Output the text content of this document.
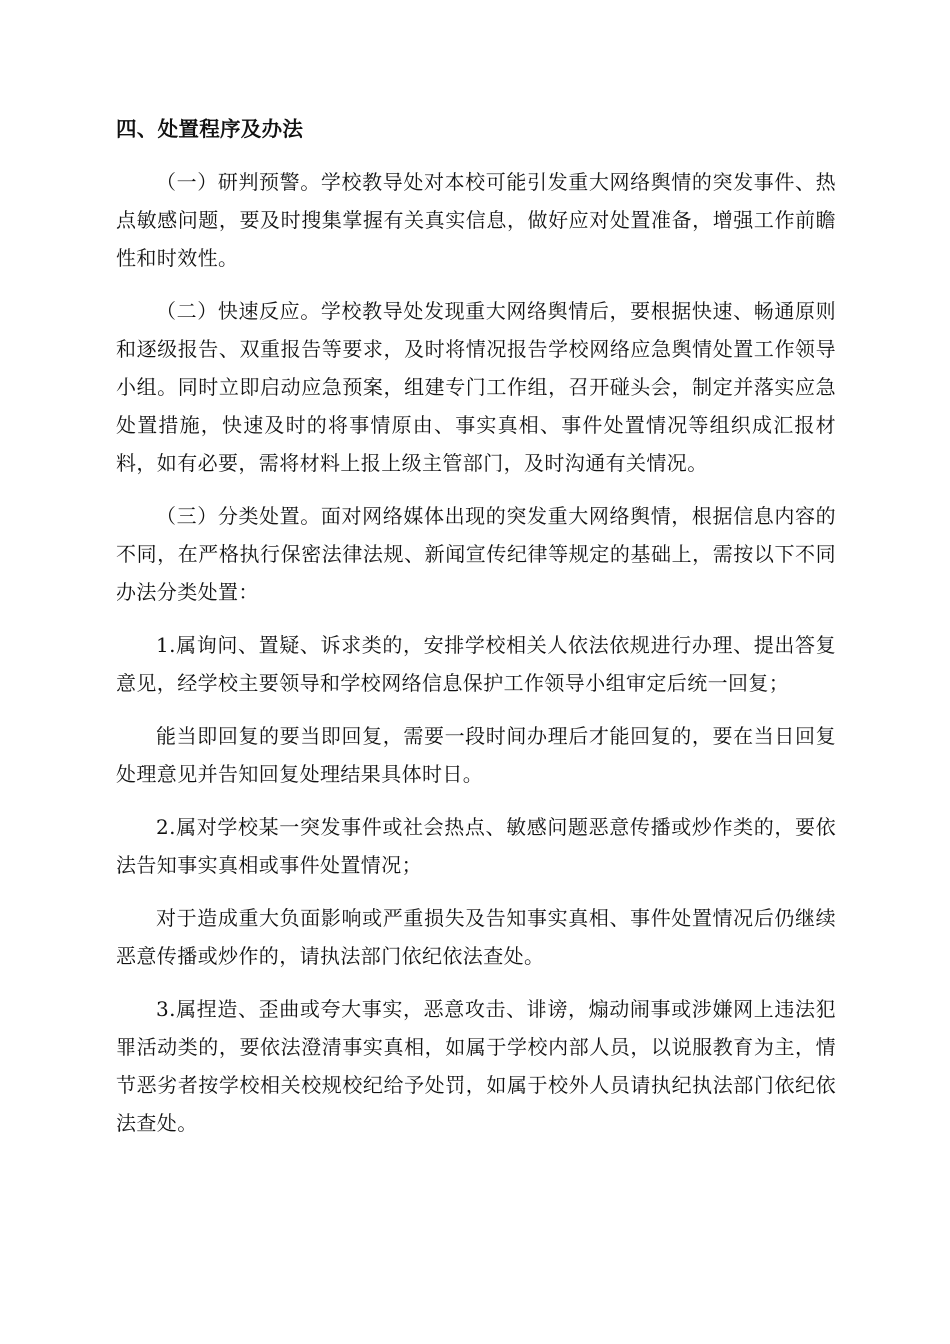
四、处置程序及办法

（一）研判预警。学校教导处对本校可能引发重大网络舆情的突发事件、热点敏感问题，要及时搜集掌握有关真实信息，做好应对处置准备，增强工作前瞻性和时效性。

（二）快速反应。学校教导处发现重大网络舆情后，要根据快速、畅通原则和逐级报告、双重报告等要求，及时将情况报告学校网络应急舆情处置工作领导小组。同时立即启动应急预案，组建专门工作组，召开碰头会，制定并落实应急处置措施，快速及时的将事情原由、事实真相、事件处置情况等组织成汇报材料，如有必要，需将材料上报上级主管部门，及时沟通有关情况。

（三）分类处置。面对网络媒体出现的突发重大网络舆情，根据信息内容的不同，在严格执行保密法律法规、新闻宣传纪律等规定的基础上，需按以下不同办法分类处置：

1.属询问、置疑、诉求类的，安排学校相关人依法依规进行办理、提出答复意见，经学校主要领导和学校网络信息保护工作领导小组审定后统一回复；

能当即回复的要当即回复，需要一段时间办理后才能回复的，要在当日回复处理意见并告知回复处理结果具体时日。

2.属对学校某一突发事件或社会热点、敏感问题恶意传播或炒作类的，要依法告知事实真相或事件处置情况；

对于造成重大负面影响或严重损失及告知事实真相、事件处置情况后仍继续恶意传播或炒作的，请执法部门依纪依法查处。

3.属捏造、歪曲或夸大事实，恶意攻击、诽谤，煽动闹事或涉嫌网上违法犯罪活动类的，要依法澄清事实真相，如属于学校内部人员，以说服教育为主，情节恶劣者按学校相关校规校纪给予处罚，如属于校外人员请执纪执法部门依纪依法查处。
